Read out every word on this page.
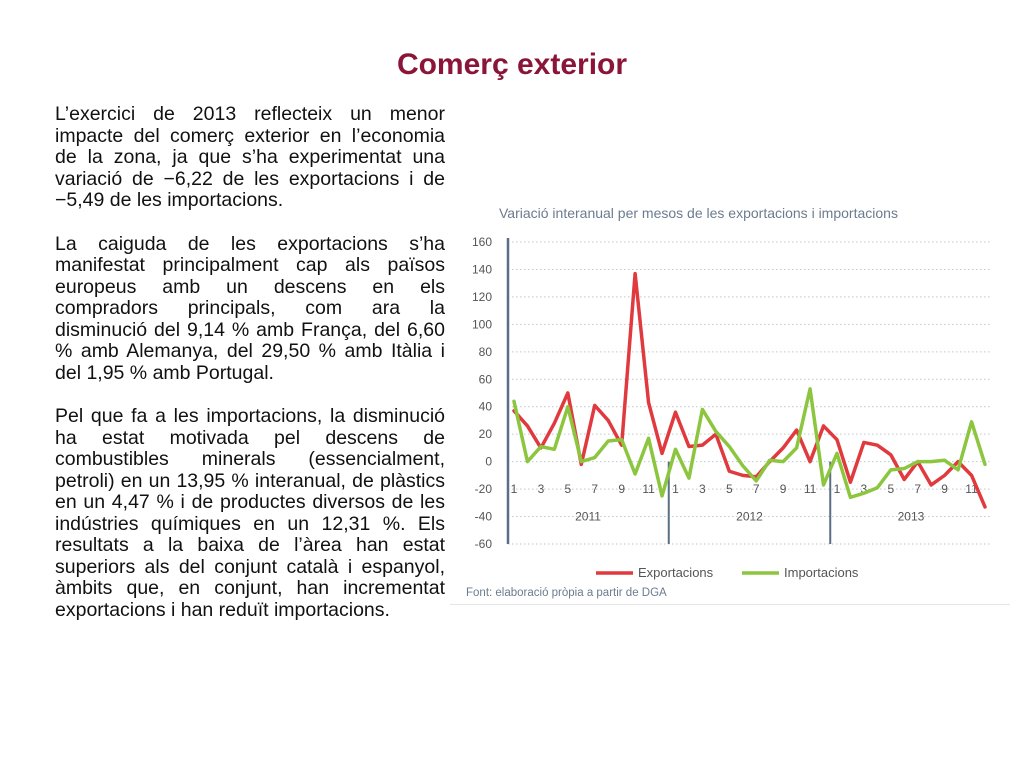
Comerç exterior

L’exercici de 2013 reflecteix un menor impacte del comerç exterior en l’economia de la zona, ja que s’ha experimentat una variació de −6,22 de les exportacions i de −5,49 de les importacions.

La caiguda de les exportacions s’ha manifestat principalment cap als països europeus amb un descens en els compradors principals, com ara la disminució del 9,14 % amb França, del 6,60 % amb Alemanya, del 29,50 % amb Itàlia i del 1,95 % amb Portugal.

Pel que fa a les importacions, la disminució ha estat motivada pel descens de combustibles minerals (essencialment, petroli) en un 13,95 % interanual, de plàstics en un 4,47 % i de productes diversos de les indústries químiques en un 12,31 %. Els resultats a la baixa de l’àrea han estat superiors als del conjunt català i espanyol, àmbits que, en conjunt, han incrementat exportacions i han reduït importacions.

Variació interanual per mesos de les exportacions i importacions
160
140
120
100
80
60
40
20
0
-20
-40
-60
1 3 5 7 9 11 1 3 5 7 9 11 1 3 5 7 9 11
2011	2012	2013
Exportacions	Importacions
Font: elaboració pròpia a partir de DGA
